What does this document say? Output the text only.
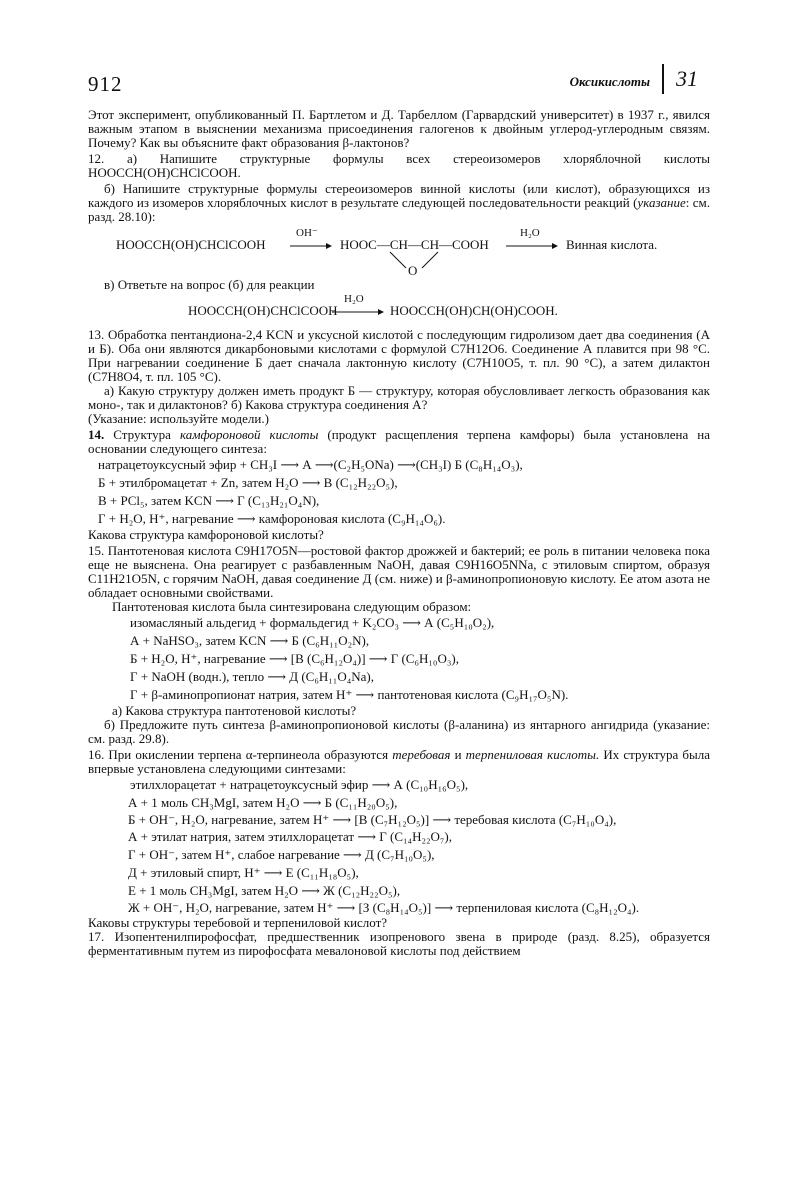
912	Оксикислоты 31

Этот эксперимент, опубликованный П. Бартлетом и Д. Тарбеллом (Гарвардский университет) в 1937 г., явился важным этапом в выяснении механизма присоединения галогенов к двойным углерод-углеродным связям. Почему? Как вы объясните факт образования β-лактонов?

12. а) Напишите структурные формулы всех стереоизомеров хлоряблочной кислоты HOOCCH(OH)CHClCOOH.

б) Напишите структурные формулы стереоизомеров винной кислоты (или кислот), образующихся из каждого из изомеров хлоряблочных кислот в результате следующей последовательности реакций (указание: см. разд. 28.10):

HOOCCH(OH)CHClCOOH
OH⁻
HOOC—CH—CH—COOH
O
H₂O
Винная кислота.

в) Ответьте на вопрос (б) для реакции

HOOCCH(OH)CHClCOOH
H₂O
HOOCCH(OH)CH(OH)COOH.

13. Обработка пентандиона-2,4 KCN и уксусной кислотой с последующим гидролизом дает два соединения (А и Б). Оба они являются дикарбоновыми кислотами с формулой C7H12O6. Соединение А плавится при 98 °С. При нагревании соединение Б дает сначала лактонную кислоту (C7H10O5, т. пл. 90 °С), а затем дилактон (C7H8O4, т. пл. 105 °С).

а) Какую структуру должен иметь продукт Б — структуру, которая обусловливает легкость образования как моно-, так и дилактонов? б) Какова структура соединения А?

(Указание: используйте модели.)

14. Структура камфороновой кислоты (продукт расщепления терпена камфоры) была установлена на основании следующего синтеза:

натрацетоуксусный эфир + CH₃I ⟶ А ⟶(C₂H₅ONa) ⟶(CH₃I) Б (C₈H₁₄O₃),
Б + этилбромацетат + Zn, затем H₂O ⟶ В (C₁₂H₂₂O₅),
В + PCl₅, затем KCN ⟶ Г (C₁₃H₂₁O₄N),
Г + H₂O, H⁺, нагревание ⟶ камфороновая кислота (C₉H₁₄O₆).

Какова структура камфороновой кислоты?

15. Пантотеновая кислота C9H17O5N—ростовой фактор дрожжей и бактерий; ее роль в питании человека пока еще не выяснена. Она реагирует с разбавленным NaOH, давая C9H16O5NNa, с этиловым спиртом, образуя C11H21O5N, с горячим NaOH, давая соединение Д (см. ниже) и β-аминопропионовую кислоту. Ее атом азота не обладает основными свойствами.

Пантотеновая кислота была синтезирована следующим образом:

изомасляный альдегид + формальдегид + K₂CO₃ ⟶ А (C₅H₁₀O₂),
А + NaHSO₃, затем KCN ⟶ Б (C₆H₁₁O₂N),
Б + H₂O, H⁺, нагревание ⟶ [В (C₆H₁₂O₄)] ⟶ Г (C₆H₁₀O₃),
Г + NaOH (водн.), тепло ⟶ Д (C₆H₁₁O₄Na),
Г + β-аминопропионат натрия, затем H⁺ ⟶ пантотеновая кислота (C₉H₁₇O₅N).

а) Какова структура пантотеновой кислоты?

б) Предложите путь синтеза β-аминопропионовой кислоты (β-аланина) из янтарного ангидрида (указание: см. разд. 29.8).

16. При окислении терпена α-терпинеола образуются теребовая и терпениловая кислоты. Их структура была впервые установлена следующими синтезами:

этилхлорацетат + натрацетоуксусный эфир ⟶ А (C₁₀H₁₆O₅),
А + 1 моль CH₃MgI, затем H₂O ⟶ Б (C₁₁H₂₀O₅),
Б + OH⁻, H₂O, нагревание, затем H⁺ ⟶ [В (C₇H₁₂O₅)] ⟶ теребовая кислота (C₇H₁₀O₄),
А + этилат натрия, затем этилхлорацетат ⟶ Г (C₁₄H₂₂O₇),
Г + OH⁻, затем H⁺, слабое нагревание ⟶ Д (C₇H₁₀O₅),
Д + этиловый спирт, H⁺ ⟶ Е (C₁₁H₁₈O₅),
Е + 1 моль CH₃MgI, затем H₂O ⟶ Ж (C₁₂H₂₂O₅),
Ж + OH⁻, H₂O, нагревание, затем H⁺ ⟶ [З (C₈H₁₄O₅)] ⟶ терпениловая кислота (C₈H₁₂O₄).

Каковы структуры теребовой и терпениловой кислот?

17. Изопентенилпирофосфат, предшественник изопренового звена в природе (разд. 8.25), образуется ферментативным путем из пирофосфата мевалоновой кислоты под действием
